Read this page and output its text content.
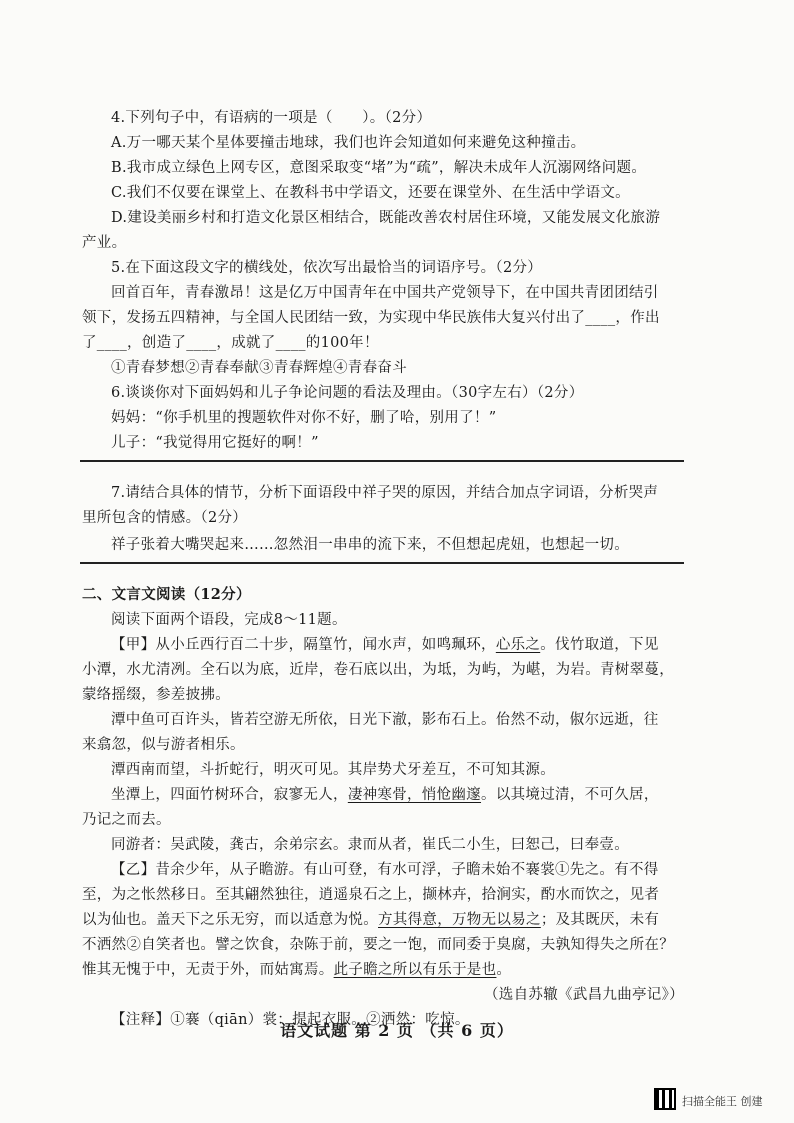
4.下列句子中，有语病的一项是（　　）。（2分）
A.万一哪天某个星体要撞击地球，我们也许会知道如何来避免这种撞击。
B.我市成立绿色上网专区，意图采取变“堵”为“疏”，解决未成年人沉溺网络问题。
C.我们不仅要在课堂上、在教科书中学语文，还要在课堂外、在生活中学语文。
D.建设美丽乡村和打造文化景区相结合，既能改善农村居住环境，又能发展文化旅游
产业。
5.在下面这段文字的横线处，依次写出最恰当的词语序号。（2分）
回首百年，青春激昂！这是亿万中国青年在中国共产党领导下，在中国共青团团结引
领下，发扬五四精神，与全国人民团结一致，为实现中华民族伟大复兴付出了____，作出
了____，创造了____，成就了____的100年！
①青春梦想②青春奉献③青春辉煌④青春奋斗
6.谈谈你对下面妈妈和儿子争论问题的看法及理由。（30字左右）（2分）
妈妈：“你手机里的搜题软件对你不好，删了哈，别用了！”
儿子：“我觉得用它挺好的啊！”
7.请结合具体的情节，分析下面语段中祥子哭的原因，并结合加点字词语，分析哭声
里所包含的情感。（2分）
祥子张着大嘴哭起来……忽然泪一串串的流下来，不但想起虎妞，也想起一切。
二、文言文阅读（12分）
阅读下面两个语段，完成8～11题。
小潭，水尤清冽。全石以为底，近岸，卷石底以出，为坻，为屿，为嵁，为岩。青树翠蔓，
蒙络摇缀，参差披拂。
潭中鱼可百许头，皆若空游无所依，日光下澈，影布石上。佁然不动，俶尔远逝，往
来翕忽，似与游者相乐。
潭西南而望，斗折蛇行，明灭可见。其岸势犬牙差互，不可知其源。
乃记之而去。
同游者：吴武陵，龚古，余弟宗玄。隶而从者，崔氏二小生，曰恕己，曰奉壹。
【乙】昔余少年，从子瞻游。有山可登，有水可浮，子瞻未始不褰裳①先之。有不得
至，为之怅然移日。至其翩然独往，逍遥泉石之上，撷林卉，拾涧实，酌水而饮之，见者
不洒然②自笑者也。譬之饮食，杂陈于前，要之一饱，而同委于臭腐，夫孰知得失之所在？
（选自苏辙《武昌九曲亭记》）
【注释】①褰（qiān）裳：提起衣服。②洒然：吃惊。
【甲】从小丘西行百二十步，隔篁竹，闻水声，如鸣珮环，心乐之。伐竹取道，下见
坐潭上，四面竹树环合，寂寥无人，凄神寒骨，悄怆幽邃。以其境过清，不可久居，
以为仙也。盖天下之乐无穷，而以适意为悦。方其得意，万物无以易之；及其既厌，未有
惟其无愧于中，无责于外，而姑寓焉。此子瞻之所以有乐于是也。
语文试题 第 2 页 （共 6 页）
扫描全能王 创建
